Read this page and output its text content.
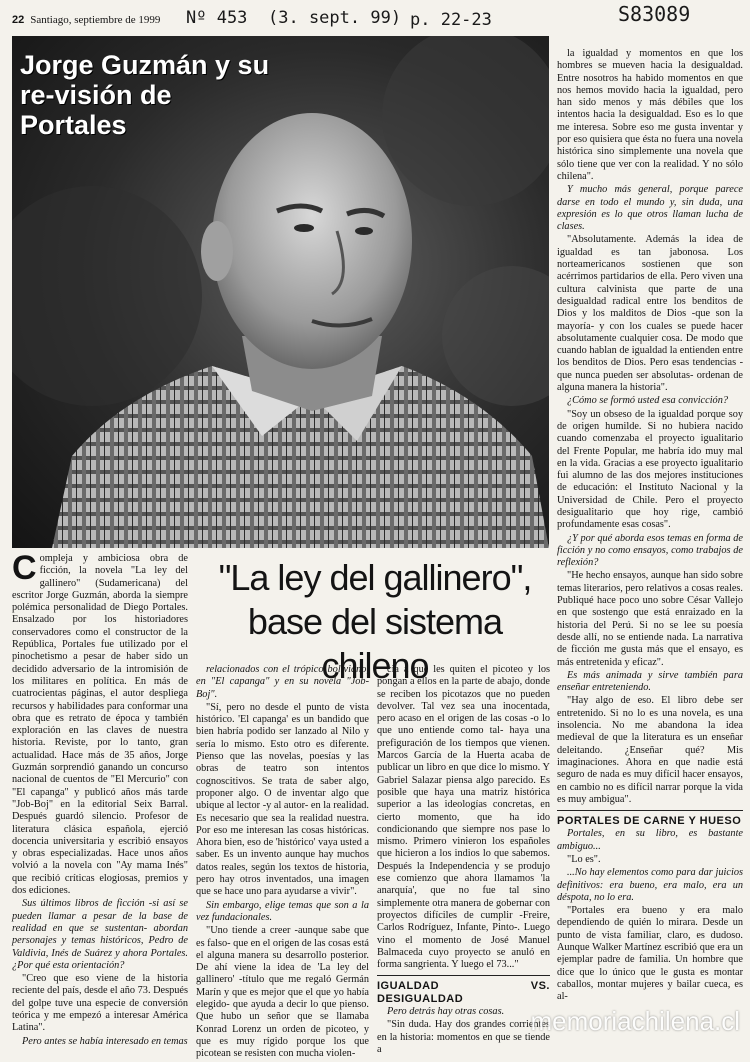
22 Santiago, septiembre de 1999 Nº 453 (3. sept. 99) p. 22-23	S83089
Jorge Guzmán y su re-visión de Portales

la igualdad y momentos en que los hombres se mueven hacia la desigualdad. Entre nosotros ha habido momentos en que nos hemos movido hacia la igualdad, pero han sido menos y más débiles que los intentos hacia la desigualdad. Eso es lo que me interesa. Sobre eso me gusta inventar y por eso quisiera que ésta no fuera una novela histórica sino simplemente una novela que sólo tiene que ver con la realidad. Y no sólo chilena".

Y mucho más general, porque parece darse en todo el mundo y, sin duda, una expresión es lo que otros llaman lucha de clases.

"Absolutamente. Además la idea de igualdad es tan jabonosa. Los norteamericanos sostienen que son acérrimos partidarios de ella. Pero viven una cultura calvinista que parte de una desigualdad radical entre los benditos de Dios y los malditos de Dios -que son la mayoría- y con los cuales se puede hacer absolutamente cualquier cosa. De modo que cuando hablan de igualdad la entienden entre los benditos de Dios. Pero esas tendencias -que nunca pueden ser absolutas- ordenan de alguna manera la historia".

¿Cómo se formó usted esa convicción?

"Soy un obseso de la igualdad porque soy de origen humilde. Si no hubiera nacido cuando comenzaba el proyecto igualitario del Frente Popular, me habría ido muy mal en la vida. Gracias a ese proyecto igualitario fui alumno de las dos mejores instituciones de educación: el Instituto Nacional y la Universidad de Chile. Pero el proyecto desigualitario que hoy rige, cambió profundamente esas cosas".

¿Y por qué aborda esos temas en forma de ficción y no como ensayos, como trabajos de reflexión?

"He hecho ensayos, aunque han sido sobre temas literarios, pero relativos a cosas reales. Publiqué hace poco uno sobre César Vallejo en que sostengo que está enraizado en la historia del Perú. Si no se lee su poesía desde allí, no se entiende nada. La narrativa de ficción me gusta más que el ensayo, es más entretenida y eficaz".

Es más animada y sirve también para enseñar entreteniendo.

"Hay algo de eso. El libro debe ser entretenido. Si no lo es una novela, es una insolencia. No me abandona la idea medieval de que la literatura es un enseñar deleitando. ¿Enseñar qué? Mis imaginaciones. Ahora en que nadie está seguro de nada es muy difícil hacer ensayos, en cambio no es difícil narrar porque la vida es muy ambigua".

PORTALES DE CARNE Y HUESO

Portales, en su libro, es bastante ambiguo...

"Lo es".

...No hay elementos como para dar juicios definitivos: era bueno, era malo, era un déspota, no lo era.

"Portales era bueno y era malo dependiendo de quién lo mirara. Desde un punto de vista familiar, claro, es dudoso. Aunque Walker Martínez escribió que era un ejemplar padre de familia. Un hombre que dice que lo único que le gusta es montar caballos, montar mujeres y bailar cueca, es al-

"La ley del gallinero", base del sistema chileno

Compleja y ambiciosa obra de ficción, la novela "La ley del gallinero" (Sudamericana) del escritor Jorge Guzmán, aborda la siempre polémica personalidad de Diego Portales. Ensalzado por los historiadores conservadores como el constructor de la República, Portales fue utilizado por el pinochetismo a pesar de haber sido un decidido adversario de la intromisión de los militares en política. En más de cuatrocientas páginas, el autor despliega recursos y habilidades para conformar una obra que es retrato de época y también exploración en las claves de nuestra historia. Reviste, por lo tanto, gran actualidad. Hace más de 35 años, Jorge Guzmán sorprendió ganando un concurso nacional de cuentos de "El Mercurio" con "El capanga" y publicó años más tarde "Job-Boj" en la editorial Seix Barral. Después guardó silencio. Profesor de literatura clásica española, ejerció docencia universitaria y escribió ensayos y obras especializadas. Hace unos años volvió a la novela con "Ay mama Inés" que recibió críticas elogiosas, premios y dos ediciones.

Sus últimos libros de ficción -si así se pueden llamar a pesar de la base de realidad en que se sustentan- abordan personajes y temas históricos, Pedro de Valdivia, Inés de Suárez y ahora Portales. ¿Por qué esta orientación?

"Creo que eso viene de la historia reciente del país, desde el año 73. Después del golpe tuve una especie de conversión teórica y me empezó a interesar América Latina".

Pero antes se había interesado en temas

relacionados con el trópico boliviano, en "El capanga" y en su novela "Job-Boj".

"Sí, pero no desde el punto de vista histórico. 'El capanga' es un bandido que bien habría podido ser lanzado al Nilo y sería lo mismo. Esto otro es diferente. Pienso que las novelas, poesías y las obras de teatro son intentos cognoscitivos. Se trata de saber algo, proponer algo. O de inventar algo que ubique al lector -y al autor- en la realidad. Es necesario que sea la realidad nuestra. Por eso me interesan las cosas históricas. Ahora bien, eso de 'histórico' vaya usted a saber. Es un invento aunque hay muchos datos reales, según los textos de historia, pero hay otros inventados, una imagen que se hace uno para ayudarse a vivir".

Sin embargo, elige temas que son a la vez fundacionales.

"Uno tiende a creer -aunque sabe que es falso- que en el origen de las cosas está el alguna manera su desarrollo posterior. De ahí viene la idea de 'La ley del gallinero' -título que me regaló Germán Marín y que es mejor que el que yo había elegido- que ayuda a decir lo que pienso. Que hubo un señor que se llamaba Konrad Lorenz un orden de picoteo, y que es muy rígido porque los que picotean se resisten con mucha violen-

cia a que les quiten el picoteo y los pongan a ellos en la parte de abajo, donde se reciben los picotazos que no pueden devolver. Tal vez sea una inocentada, pero acaso en el origen de las cosas -o lo que uno entiende como tal- haya una prefiguración de los tiempos que vienen. Marcos García de la Huerta acaba de publicar un libro en que dice lo mismo. Y Gabriel Salazar piensa algo parecido. Es posible que haya una matriz histórica superior a las ideologías concretas, en cierto momento, que ha ido condicionando que siempre nos pase lo mismo. Primero vinieron los españoles que hicieron a los indios lo que sabemos. Después la Independencia y se produjo ese comienzo que ahora llamamos 'la anarquía', que no fue tal sino simplemente otra manera de gobernar con proyectos difíciles de cumplir -Freire, Carlos Rodríguez, Infante, Pinto-. Luego vino el momento de José Manuel Balmaceda cuyo proyecto se anuló en forma sangrienta. Y luego el 73..."

IGUALDAD VS. DESIGUALDAD

Pero detrás hay otras cosas.

"Sin duda. Hay dos grandes corrientes en la historia: momentos en que se tiende a

memoriachilena.cl
